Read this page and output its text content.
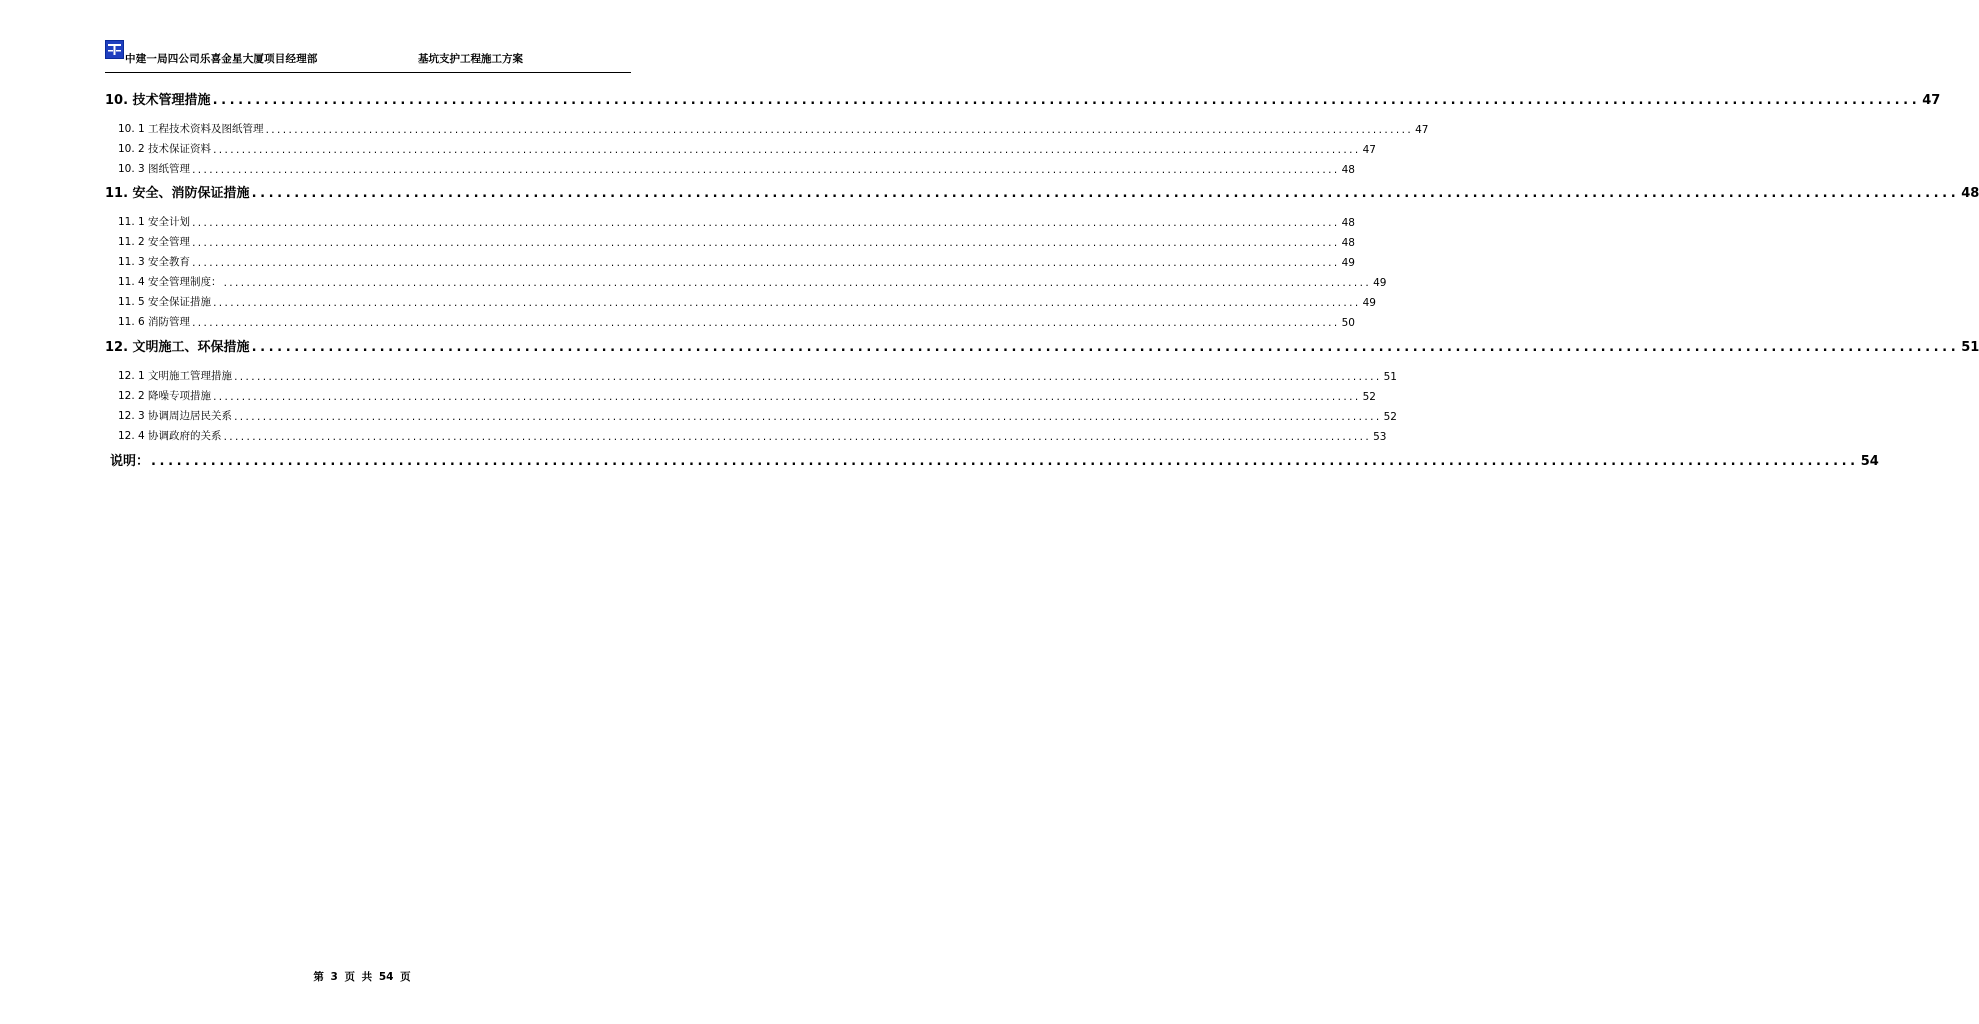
中建一局四公司乐喜金星大厦项目经理部	基坑支护工程施工方案
10. 技术管理措施 ........................................................................................................................................................................................................ 47
10. 1 工程技术资料及图纸管理 ........................................................................................................................................................................................................ 47
10. 2 技术保证资料 ........................................................................................................................................................................................................ 47
10. 3 图纸管理 ........................................................................................................................................................................................................ 48
11. 安全、消防保证措施 ........................................................................................................................................................................................................ 48
11. 1 安全计划 ........................................................................................................................................................................................................ 48
11. 2 安全管理 ........................................................................................................................................................................................................ 48
11. 3 安全教育 ........................................................................................................................................................................................................ 49
11. 4 安全管理制度： ........................................................................................................................................................................................................ 49
11. 5 安全保证措施 ........................................................................................................................................................................................................ 49
11. 6 消防管理 ........................................................................................................................................................................................................ 50
12. 文明施工、环保措施 ........................................................................................................................................................................................................ 51
12. 1 文明施工管理措施 ........................................................................................................................................................................................................ 51
12. 2 降噪专项措施 ........................................................................................................................................................................................................ 52
12. 3 协调周边居民关系 ........................................................................................................................................................................................................ 52
12. 4 协调政府的关系 ........................................................................................................................................................................................................ 53
说明： ........................................................................................................................................................................................................ 54
第 3 页 共 54 页
